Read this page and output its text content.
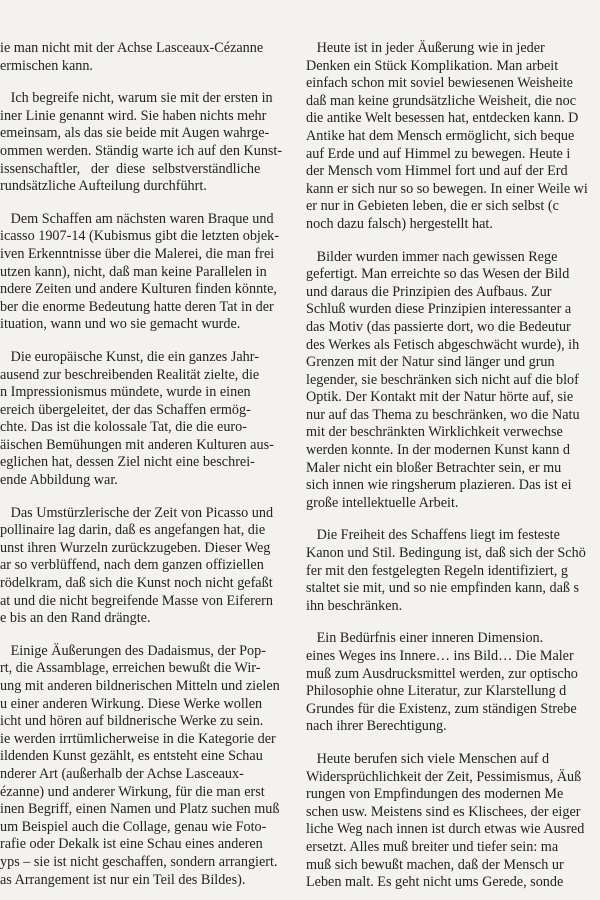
ie man nicht mit der Achse Lasceaux-Cézanne
ermischen kann.
Ich begreife nicht, warum sie mit der ersten in
iner Linie genannt wird. Sie haben nichts mehr
emeinsam, als das sie beide mit Augen wahrge-
ommen werden. Ständig warte ich auf den Kunst-
issenschaftler,   der  diese  selbstverständliche
rundsätzliche Aufteilung durchführt.
Dem Schaffen am nächsten waren Braque und
icasso 1907-14 (Kubismus gibt die letzten objek-
iven Erkenntnisse über die Malerei, die man frei
utzen kann), nicht, daß man keine Parallelen in
ndere Zeiten und andere Kulturen finden könnte,
ber die enorme Bedeutung hatte deren Tat in der
ituation, wann und wo sie gemacht wurde.
Die europäische Kunst, die ein ganzes Jahr-
ausend zur beschreibenden Realität zielte, die
n Impressionismus mündete, wurde in einen
ereich übergeleitet, der das Schaffen ermög-
chte. Das ist die kolossale Tat, die die euro-
äischen Bemühungen mit anderen Kulturen aus-
eglichen hat, dessen Ziel nicht eine beschrei-
ende Abbildung war.
Das Umstürzlerische der Zeit von Picasso und
pollinaire lag darin, daß es angefangen hat, die
unst ihren Wurzeln zurückzugeben. Dieser Weg
ar so verblüffend, nach dem ganzen offiziellen
rödelkram, daß sich die Kunst noch nicht gefaßt
at und die nicht begreifende Masse von Eiferern
e bis an den Rand drängte.
Einige Äußerungen des Dadaismus, der Pop-
rt, die Assamblage, erreichen bewußt die Wir-
ung mit anderen bildnerischen Mitteln und zielen
u einer anderen Wirkung. Diese Werke wollen
icht und hören auf bildnerische Werke zu sein.
ie werden irrtümlicherweise in die Kategorie der
ildenden Kunst gezählt, es entsteht eine Schau
nderer Art (außerhalb der Achse Lasceaux-
ézanne) und anderer Wirkung, für die man erst
inen Begriff, einen Namen und Platz suchen muß
um Beispiel auch die Collage, genau wie Foto-
rafie oder Dekalk ist eine Schau eines anderen
yps – sie ist nicht geschaffen, sondern arrangiert.
as Arrangement ist nur ein Teil des Bildes).
Heute ist in jeder Äußerung wie in jeder
Denken ein Stück Komplikation. Man arbeit
einfach schon mit soviel bewiesenen Weisheite
daß man keine grundsätzliche Weisheit, die noc
die antike Welt besessen hat, entdecken kann. D
Antike hat dem Mensch ermöglicht, sich beque
auf Erde und auf Himmel zu bewegen. Heute i
der Mensch vom Himmel fort und auf der Erd
kann er sich nur so so bewegen. In einer Weile wi
er nur in Gebieten leben, die er sich selbst (c
noch dazu falsch) hergestellt hat.
Bilder wurden immer nach gewissen Rege
gefertigt. Man erreichte so das Wesen der Bild
und daraus die Prinzipien des Aufbaus. Zur
Schluß wurden diese Prinzipien interessanter a
das Motiv (das passierte dort, wo die Bedeutur
des Werkes als Fetisch abgeschwächt wurde), ih
Grenzen mit der Natur sind länger und grun
legender, sie beschränken sich nicht auf die blof
Optik. Der Kontakt mit der Natur hörte auf, sie
nur auf das Thema zu beschränken, wo die Natu
mit der beschränkten Wirklichkeit verwechse
werden konnte. In der modernen Kunst kann d
Maler nicht ein bloßer Betrachter sein, er mu
sich innen wie ringsherum plazieren. Das ist ei
große intellektuelle Arbeit.
Die Freiheit des Schaffens liegt im festeste
Kanon und Stil. Bedingung ist, daß sich der Schö
fer mit den festgelegten Regeln identifiziert, g
staltet sie mit, und so nie empfinden kann, daß s
ihn beschränken.
Ein Bedürfnis einer inneren Dimension.
eines Weges ins Innere… ins Bild… Die Maler
muß zum Ausdrucksmittel werden, zur optischo
Philosophie ohne Literatur, zur Klarstellung d
Grundes für die Existenz, zum ständigen Strebe
nach ihrer Berechtigung.
Heute berufen sich viele Menschen auf d
Widersprüchlichkeit der Zeit, Pessimismus, Äuß
rungen von Empfindungen des modernen Me
schen usw. Meistens sind es Klischees, der eiger
liche Weg nach innen ist durch etwas wie Ausred
ersetzt. Alles muß breiter und tiefer sein: ma
muß sich bewußt machen, daß der Mensch ur
Leben malt. Es geht nicht ums Gerede, sonde
